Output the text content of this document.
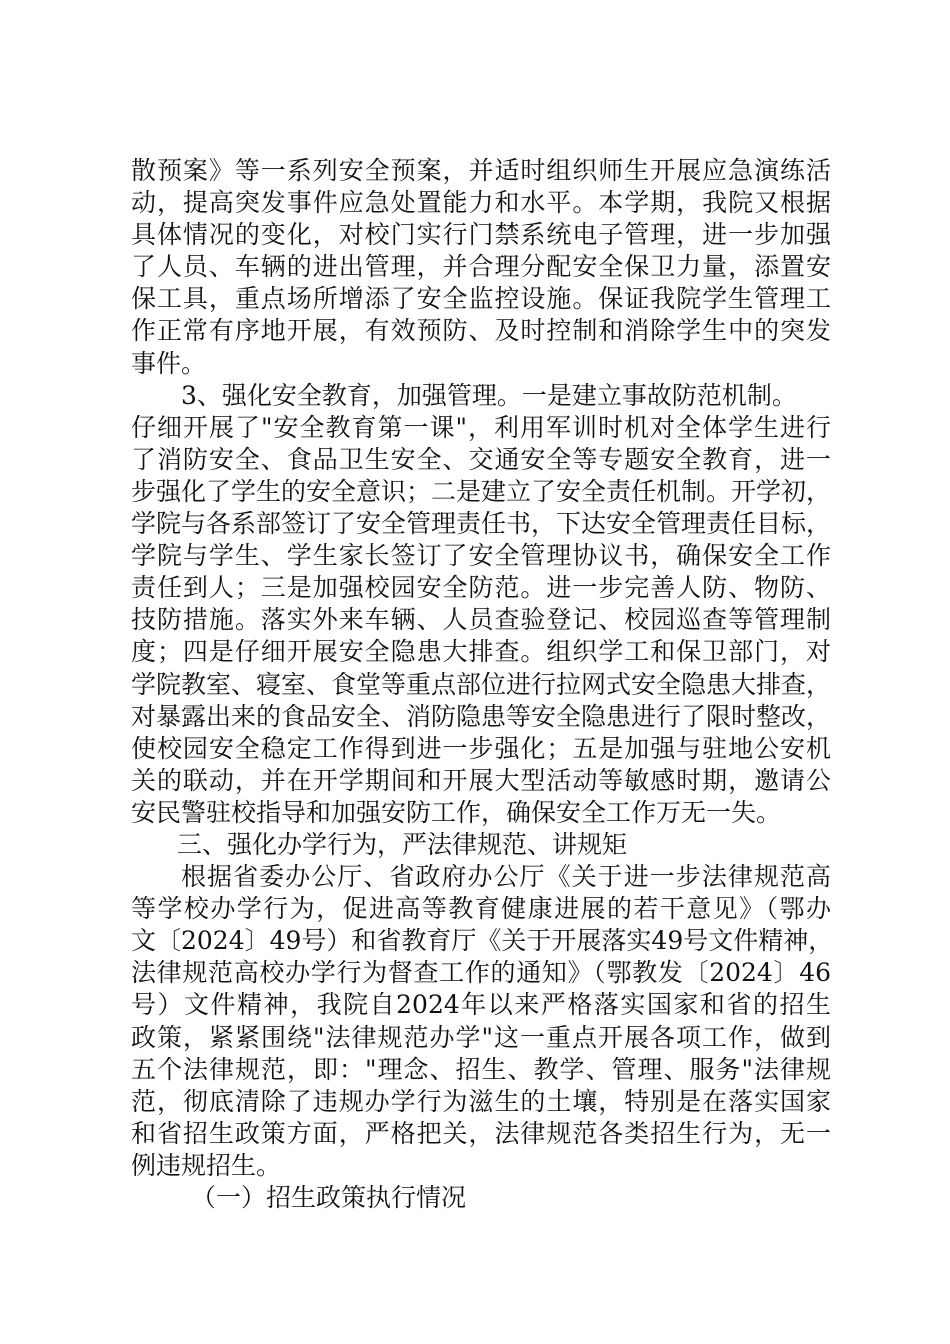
散预案》等一系列安全预案，并适时组织师生开展应急演练活
动，提高突发事件应急处置能力和水平。本学期，我院又根据
具体情况的变化，对校门实行门禁系统电子管理，进一步加强
了人员、车辆的进出管理，并合理分配安全保卫力量，添置安
保工具，重点场所增添了安全监控设施。保证我院学生管理工
作正常有序地开展，有效预防、及时控制和消除学生中的突发
事件。
3、强化安全教育，加强管理。一是建立事故防范机制。
仔细开展了"安全教育第一课"，利用军训时机对全体学生进行
了消防安全、食品卫生安全、交通安全等专题安全教育，进一
步强化了学生的安全意识；二是建立了安全责任机制。开学初，
学院与各系部签订了安全管理责任书，下达安全管理责任目标，
学院与学生、学生家长签订了安全管理协议书，确保安全工作
责任到人；三是加强校园安全防范。进一步完善人防、物防、
技防措施。落实外来车辆、人员查验登记、校园巡查等管理制
度；四是仔细开展安全隐患大排查。组织学工和保卫部门，对
学院教室、寝室、食堂等重点部位进行拉网式安全隐患大排查，
对暴露出来的食品安全、消防隐患等安全隐患进行了限时整改，
使校园安全稳定工作得到进一步强化；五是加强与驻地公安机
关的联动，并在开学期间和开展大型活动等敏感时期，邀请公
安民警驻校指导和加强安防工作，确保安全工作万无一失。
三、强化办学行为，严法律规范、讲规矩
根据省委办公厅、省政府办公厅《关于进一步法律规范高
等学校办学行为，促进高等教育健康进展的若干意见》（鄂办
文〔2024〕49号）和省教育厅《关于开展落实49号文件精神，
法律规范高校办学行为督查工作的通知》（鄂教发〔2024〕46
号）文件精神，我院自2024年以来严格落实国家和省的招生
政策，紧紧围绕"法律规范办学"这一重点开展各项工作，做到
五个法律规范，即："理念、招生、教学、管理、服务"法律规
范，彻底清除了违规办学行为滋生的土壤，特别是在落实国家
和省招生政策方面，严格把关，法律规范各类招生行为，无一
例违规招生。
（一）招生政策执行情况
